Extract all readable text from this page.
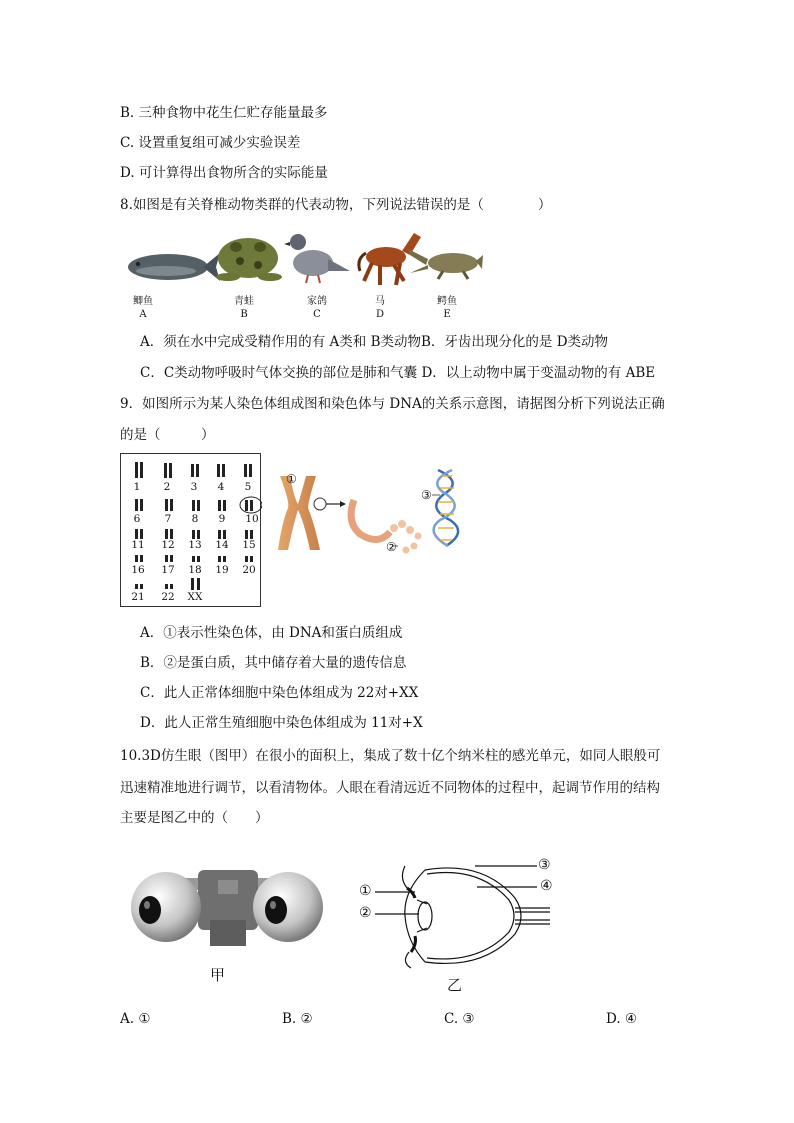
B. 三种食物中花生仁贮存能量最多
C. 设置重复组可减少实验误差
D. 可计算得出食物所含的实际能量
8.如图是有关脊椎动物类群的代表动物，下列说法错误的是（　　　　）
鲫鱼
A
青蛙
B
家鸽
C
马
D
鳄鱼
E
A．须在水中完成受精作用的有 A类和 B类动物B．牙齿出现分化的是 D类动物
C．C类动物呼吸时气体交换的部位是肺和气囊 D．以上动物中属于变温动物的有 ABE
9．如图所示为某人染色体组成图和染色体与 DNA的关系示意图，请据图分析下列说法正确
的是（　　　）
1	2	3	4	5
6	7	8	9	10
11	12	13	14	15
16	17	18	19	20
21	22	XX
①
②
③
A．①表示性染色体，由 DNA和蛋白质组成
B．②是蛋白质，其中储存着大量的遗传信息
C．此人正常体细胞中染色体组成为 22对+XX
D．此人正常生殖细胞中染色体组成为 11对+X
10.3D仿生眼（图甲）在很小的面积上，集成了数十亿个纳米柱的感光单元，如同人眼般可
迅速精准地进行调节，以看清物体。人眼在看清远近不同物体的过程中，起调节作用的结构
主要是图乙中的（　　）
甲
①
②
③
④
乙
A. ①	B. ②	C. ③	D. ④
